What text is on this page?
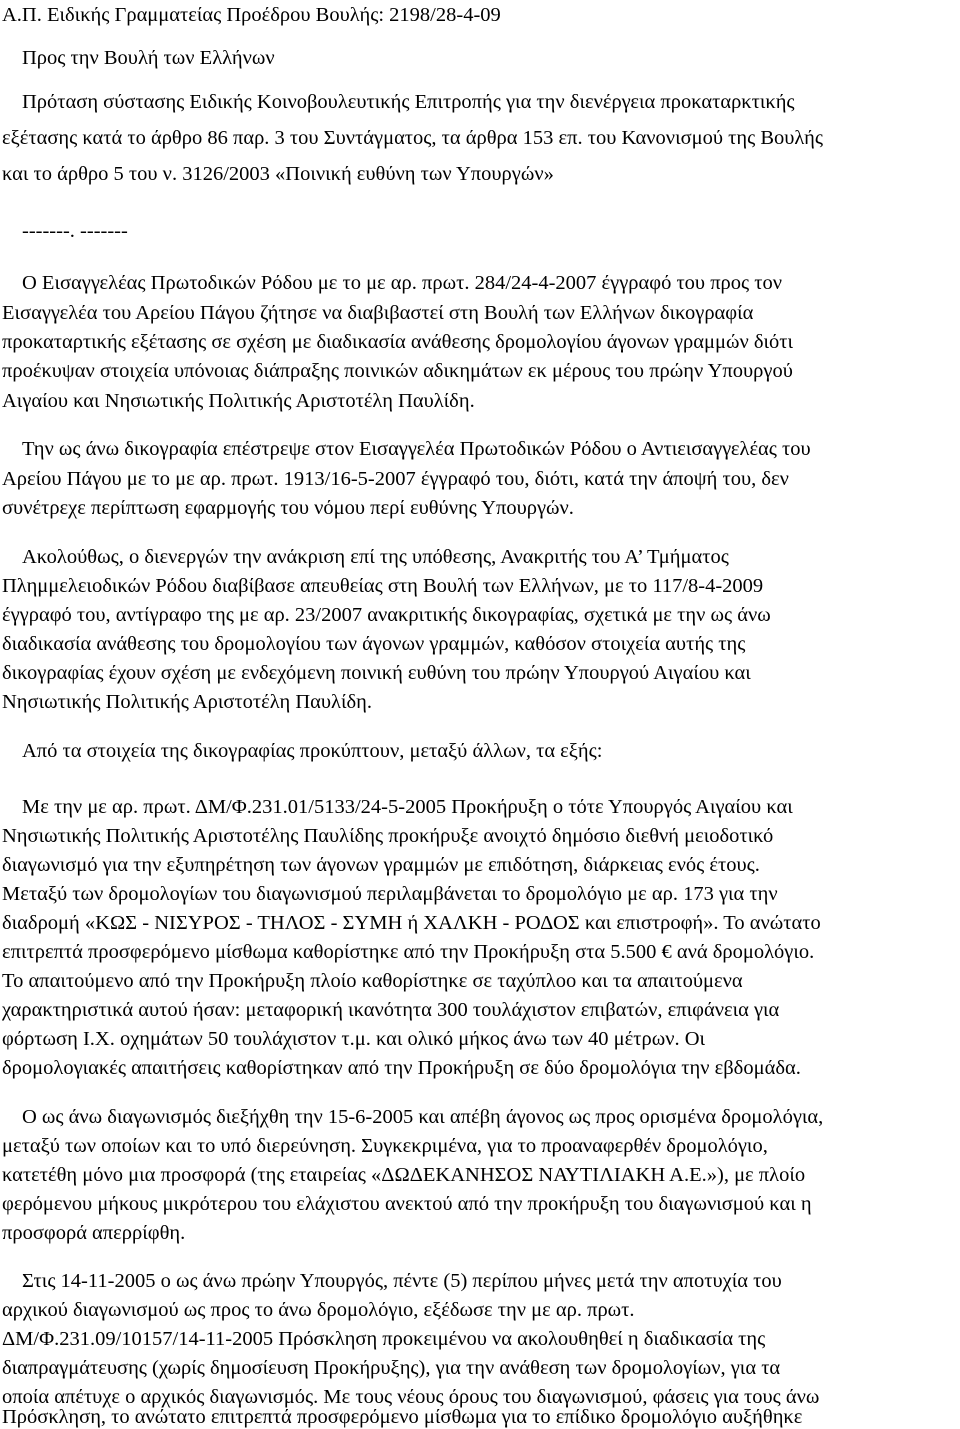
Α.Π. Ειδικής Γραμματείας Προέδρου Βουλής: 2198/28-4-09
Προς την Βουλή των Ελλήνων
Πρόταση σύστασης Ειδικής Κοινοβουλευτικής Επιτροπής για την διενέργεια προκαταρκτικής
εξέτασης κατά το άρθρο 86 παρ. 3 του Συντάγματος, τα άρθρα 153 επ. του Κανονισμού της Βουλής
και το άρθρο 5 του ν. 3126/2003 «Ποινική ευθύνη των Υπουργών»
-------. -------
Ο Εισαγγελέας Πρωτοδικών Ρόδου με το με αρ. πρωτ. 284/24-4-2007 έγγραφό του προς τον
Εισαγγελέα του Αρείου Πάγου ζήτησε να διαβιβαστεί στη Βουλή των Ελλήνων δικογραφία
προκαταρτικής εξέτασης σε σχέση με διαδικασία ανάθεσης δρομολογίου άγονων γραμμών διότι
προέκυψαν στοιχεία υπόνοιας διάπραξης ποινικών αδικημάτων εκ μέρους του πρώην Υπουργού
Αιγαίου και Νησιωτικής Πολιτικής Αριστοτέλη Παυλίδη.
Την ως άνω δικογραφία επέστρεψε στον Εισαγγελέα Πρωτοδικών Ρόδου ο Αντιεισαγγελέας του
Αρείου Πάγου με το με αρ. πρωτ. 1913/16-5-2007 έγγραφό του, διότι, κατά την άποψή του, δεν
συνέτρεχε περίπτωση εφαρμογής του νόμου περί ευθύνης Υπουργών.
Ακολούθως, ο διενεργών την ανάκριση επί της υπόθεσης, Ανακριτής του Α’ Τμήματος
Πλημμελειοδικών Ρόδου διαβίβασε απευθείας στη Βουλή των Ελλήνων, με το 117/8-4-2009
έγγραφό του, αντίγραφο της με αρ. 23/2007 ανακριτικής δικογραφίας, σχετικά με την ως άνω
διαδικασία ανάθεσης του δρομολογίου των άγονων γραμμών, καθόσον στοιχεία αυτής της
δικογραφίας έχουν σχέση με ενδεχόμενη ποινική ευθύνη του πρώην Υπουργού Αιγαίου και
Νησιωτικής Πολιτικής Αριστοτέλη Παυλίδη.
Από τα στοιχεία της δικογραφίας προκύπτουν, μεταξύ άλλων, τα εξής:
Με την με αρ. πρωτ. ΔΜ/Φ.231.01/5133/24-5-2005 Προκήρυξη ο τότε Υπουργός Αιγαίου και
Νησιωτικής Πολιτικής Αριστοτέλης Παυλίδης προκήρυξε ανοιχτό δημόσιο διεθνή μειοδοτικό
διαγωνισμό για την εξυπηρέτηση των άγονων γραμμών με επιδότηση, διάρκειας ενός έτους.
Μεταξύ των δρομολογίων του διαγωνισμού περιλαμβάνεται το δρομολόγιο με αρ. 173 για την
διαδρομή «ΚΩΣ - ΝΙΣΥΡΟΣ - ΤΗΛΟΣ - ΣΥΜΗ ή ΧΑΛΚΗ - ΡΟΔΟΣ και επιστροφή». Το ανώτατο
επιτρεπτά προσφερόμενο μίσθωμα καθορίστηκε από την Προκήρυξη στα 5.500 € ανά δρομολόγιο.
Το απαιτούμενο από την Προκήρυξη πλοίο καθορίστηκε σε ταχύπλοο και τα απαιτούμενα
χαρακτηριστικά αυτού ήσαν: μεταφορική ικανότητα 300 τουλάχιστον επιβατών, επιφάνεια για
φόρτωση Ι.Χ. οχημάτων 50 τουλάχιστον τ.μ. και ολικό μήκος άνω των 40 μέτρων. Οι
δρομολογιακές απαιτήσεις καθορίστηκαν από την Προκήρυξη σε δύο δρομολόγια την εβδομάδα.
Ο ως άνω διαγωνισμός διεξήχθη την 15-6-2005 και απέβη άγονος ως προς ορισμένα δρομολόγια,
μεταξύ των οποίων και το υπό διερεύνηση. Συγκεκριμένα, για το προαναφερθέν δρομολόγιο,
κατετέθη μόνο μια προσφορά (της εταιρείας «ΔΩΔΕΚΑΝΗΣΟΣ ΝΑΥΤΙΛΙΑΚΗ Α.Ε.»), με πλοίο
φερόμενου μήκους μικρότερου του ελάχιστου ανεκτού από την προκήρυξη του διαγωνισμού και η
προσφορά απερρίφθη.
Στις 14-11-2005 ο ως άνω πρώην Υπουργός, πέντε (5) περίπου μήνες μετά την αποτυχία του
αρχικού διαγωνισμού ως προς το άνω δρομολόγιο, εξέδωσε την με αρ. πρωτ.
ΔΜ/Φ.231.09/10157/14-11-2005 Πρόσκληση προκειμένου να ακολουθηθεί η διαδικασία της
διαπραγμάτευσης (χωρίς δημοσίευση Προκήρυξης), για την ανάθεση των δρομολογίων, για τα
οποία απέτυχε ο αρχικός διαγωνισμός. Με τους νέους όρους του διαγωνισμού, φάσεις για τους άνω
Πρόσκληση, το ανώτατο επιτρεπτά προσφερόμενο μίσθωμα για το επίδικο δρομολόγιο αυξήθηκε
